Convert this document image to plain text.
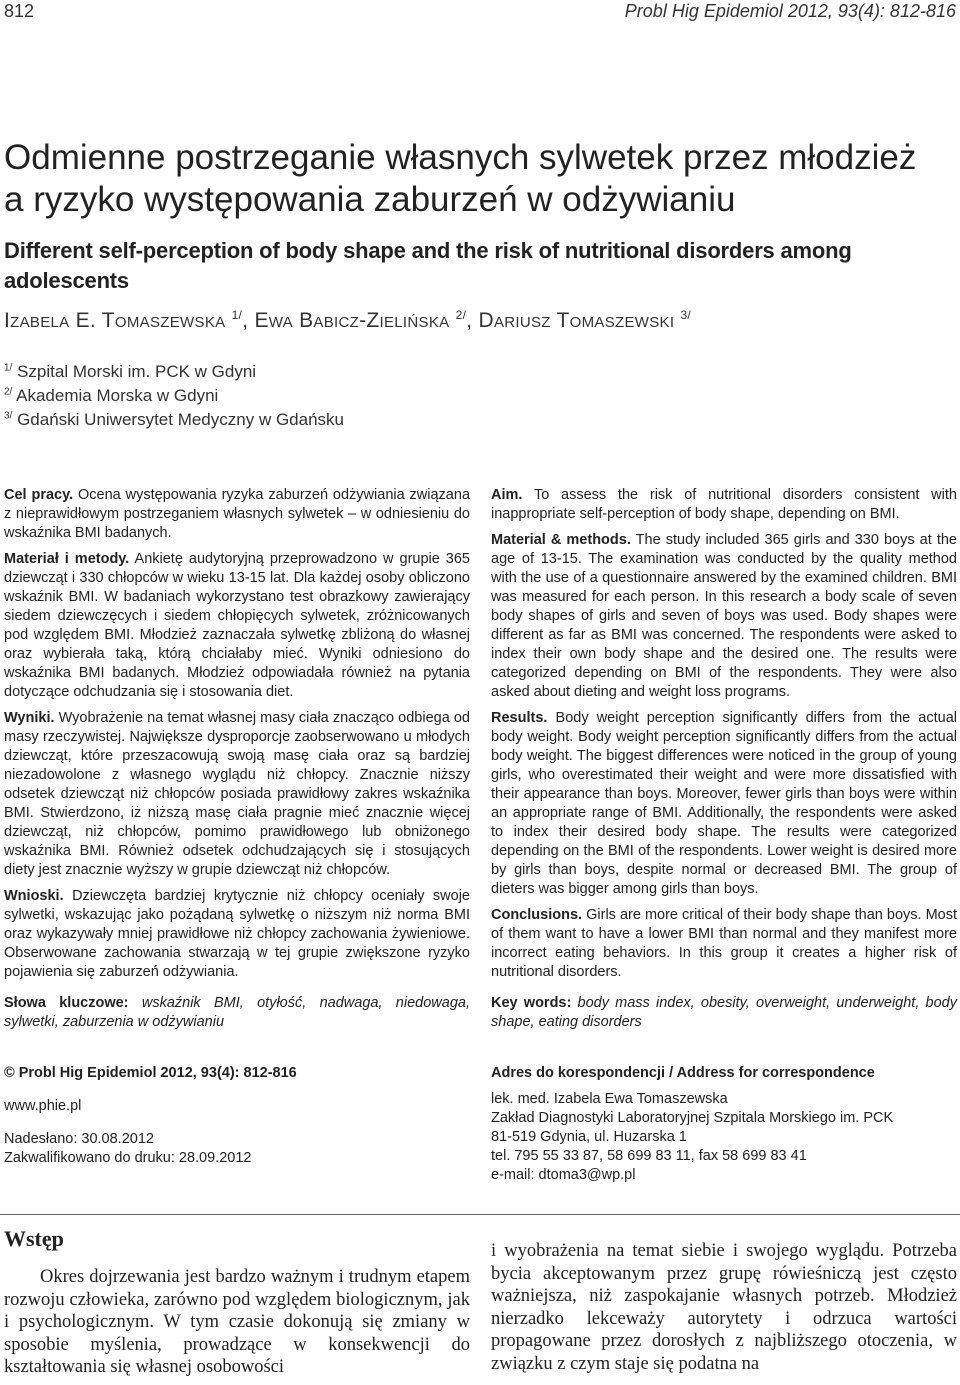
812	Probl Hig Epidemiol 2012, 93(4): 812-816
Odmienne postrzeganie własnych sylwetek przez młodzież
a ryzyko występowania zaburzeń w odżywianiu
Different self-perception of body shape and the risk of nutritional disorders among adolescents
Izabela E. Tomaszewska $^{1/}$, Ewa Babicz-Zielińska $^{2/}$, Dariusz Tomaszewski $^{3/}$
$^{1/}$ Szpital Morski im. PCK w Gdyni
$^{2/}$ Akademia Morska w Gdyni
$^{3/}$ Gdański Uniwersytet Medyczny w Gdańsku

Cel pracy. Ocena występowania ryzyka zaburzeń odżywiania związana z nieprawidłowym postrzeganiem własnych sylwetek – w odniesieniu do wskaźnika BMI badanych.

Materiał i metody. Ankietę audytoryjną przeprowadzono w grupie 365 dziewcząt i 330 chłopców w wieku 13-15 lat. Dla każdej osoby obliczono wskaźnik BMI. W badaniach wykorzystano test obrazkowy zawierający siedem dziewczęcych i siedem chłopięcych sylwetek, zróżnicowanych pod względem BMI. Młodzież zaznaczała sylwetkę zbliżoną do własnej oraz wybierała taką, którą chciałaby mieć. Wyniki odniesiono do wskaźnika BMI badanych. Młodzież odpowiadała również na pytania dotyczące odchudzania się i stosowania diet.

Wyniki. Wyobrażenie na temat własnej masy ciała znacząco odbiega od masy rzeczywistej. Największe dysproporcje zaobserwowano u młodych dziewcząt, które przeszacowują swoją masę ciała oraz są bardziej niezadowolone z własnego wyglądu niż chłopcy. Znacznie niższy odsetek dziewcząt niż chłopców posiada prawidłowy zakres wskaźnika BMI. Stwierdzono, iż niższą masę ciała pragnie mieć znacznie więcej dziewcząt, niż chłopców, pomimo prawidłowego lub obniżonego wskaźnika BMI. Również odsetek odchudzających się i stosujących diety jest znacznie wyższy w grupie dziewcząt niż chłopców.

Wnioski. Dziewczęta bardziej krytycznie niż chłopcy oceniały swoje sylwetki, wskazując jako pożądaną sylwetkę o niższym niż norma BMI oraz wykazywały mniej prawidłowe niż chłopcy zachowania żywieniowe. Obserwowane zachowania stwarzają w tej grupie zwiększone ryzyko pojawienia się zaburzeń odżywiania.

Słowa kluczowe: wskaźnik BMI, otyłość, nadwaga, niedowaga, sylwetki, zaburzenia w odżywianiu

Aim. To assess the risk of nutritional disorders consistent with inappropriate self-perception of body shape, depending on BMI.

Material & methods. The study included 365 girls and 330 boys at the age of 13-15. The examination was conducted by the quality method with the use of a questionnaire answered by the examined children. BMI was measured for each person. In this research a body scale of seven body shapes of girls and seven of boys was used. Body shapes were different as far as BMI was concerned. The respondents were asked to index their own body shape and the desired one. The results were categorized depending on BMI of the respondents. They were also asked about dieting and weight loss programs.

Results. Body weight perception significantly differs from the actual body weight. Body weight perception significantly differs from the actual body weight. The biggest differences were noticed in the group of young girls, who overestimated their weight and were more dissatisfied with their appearance than boys. Moreover, fewer girls than boys were within an appropriate range of BMI. Additionally, the respondents were asked to index their desired body shape. The results were categorized depending on the BMI of the respondents. Lower weight is desired more by girls than boys, despite normal or decreased BMI. The group of dieters was bigger among girls than boys.

Conclusions. Girls are more critical of their body shape than boys. Most of them want to have a lower BMI than normal and they manifest more incorrect eating behaviors. In this group it creates a higher risk of nutritional disorders.

Key words: body mass index, obesity, overweight, underweight, body shape, eating disorders

© Probl Hig Epidemiol 2012, 93(4): 812-816

www.phie.pl

Nadesłano: 30.08.2012

Zakwalifikowano do druku: 28.09.2012

Adres do korespondencji / Address for correspondence

lek. med. Izabela Ewa Tomaszewska

Zakład Diagnostyki Laboratoryjnej Szpitala Morskiego im. PCK

81-519 Gdynia, ul. Huzarska 1

tel. 795 55 33 87, 58 699 83 11, fax 58 699 83 41

e-mail: dtoma3@wp.pl

Wstęp
Okres dojrzewania jest bardzo ważnym i trudnym etapem rozwoju człowieka, zarówno pod względem biologicznym, jak i psychologicznym. W tym czasie dokonują się zmiany w sposobie myślenia, prowadzące w konsekwencji do kształtowania się własnej osobowości
i wyobrażenia na temat siebie i swojego wyglądu. Potrzeba bycia akceptowanym przez grupę rówieśniczą jest często ważniejsza, niż zaspokajanie własnych potrzeb. Młodzież nierzadko lekceważy autorytety i odrzuca wartości propagowane przez dorosłych z najbliższego otoczenia, w związku z czym staje się podatna na
